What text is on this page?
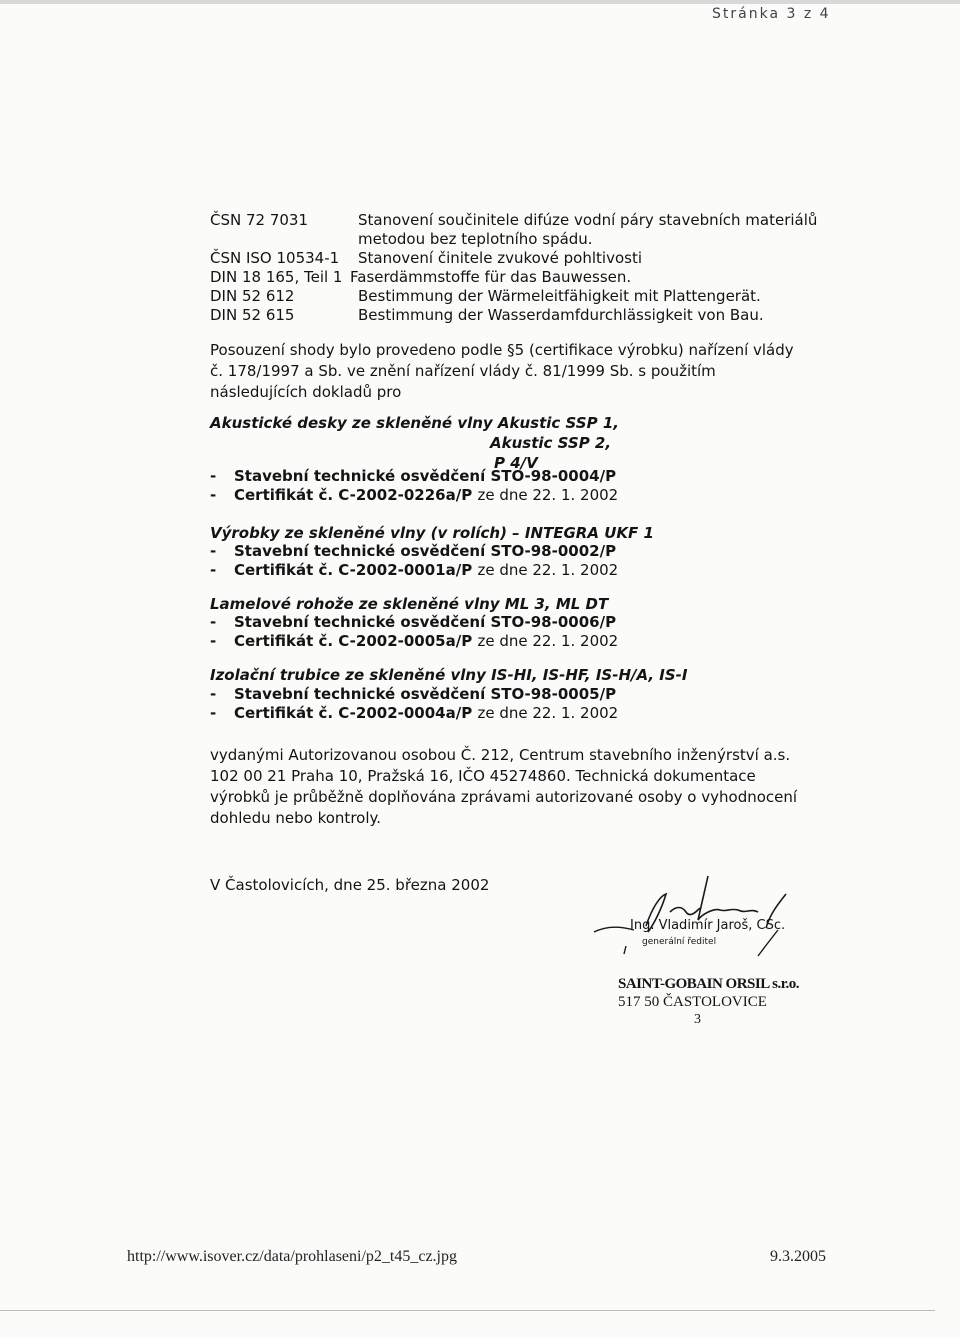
Stránka 3 z 4
ČSN 72 7031	Stanovení součinitele difúze vodní páry stavebních materiálů
metodou bez teplotního spádu.
ČSN ISO 10534-1 Stanovení činitele zvukové pohltivosti
DIN 18 165, Teil 1 Faserdämmstoffe für das Bauwessen.
DIN 52 612	Bestimmung der Wärmeleitfähigkeit mit Plattengerät.
DIN 52 615	Bestimmung der Wasserdamfdurchlässigkeit von Bau.
Posouzení shody bylo provedeno podle §5 (certifikace výrobku) nařízení vlády č. 178/1997 a Sb. ve znění nařízení vlády č. 81/1999 Sb. s použitím následujících dokladů pro
Akustické desky ze skleněné vlny Akustic SSP 1,
Akustic SSP 2,
P 4/V
- Stavební technické osvědčení STO-98-0004/P
- Certifikát č. C-2002-0226a/P ze dne 22. 1. 2002
Výrobky ze skleněné vlny (v rolích) – INTEGRA UKF 1
- Stavební technické osvědčení STO-98-0002/P
- Certifikát č. C-2002-0001a/P ze dne 22. 1. 2002
Lamelové rohože ze skleněné vlny ML 3, ML DT
- Stavební technické osvědčení STO-98-0006/P
- Certifikát č. C-2002-0005a/P ze dne 22. 1. 2002
Izolační trubice ze skleněné vlny IS-HI, IS-HF, IS-H/A, IS-I
- Stavební technické osvědčení STO-98-0005/P
- Certifikát č. C-2002-0004a/P ze dne 22. 1. 2002
vydanými Autorizovanou osobou Č. 212, Centrum stavebního inženýrství a.s. 102 00 21 Praha 10, Pražská 16, IČO 45274860. Technická dokumentace výrobků je průběžně doplňována zprávami autorizované osoby o vyhodnocení dohledu nebo kontroly.
V Častolovicích, dne 25. března 2002
Ing. Vladimír Jaroš, CSc.
generální ředitel
SAINT-GOBAIN ORSIL s.r.o.
517 50 ČASTOLOVICE
3
http://www.isover.cz/data/prohlaseni/p2_t45_cz.jpg	9.3.2005
